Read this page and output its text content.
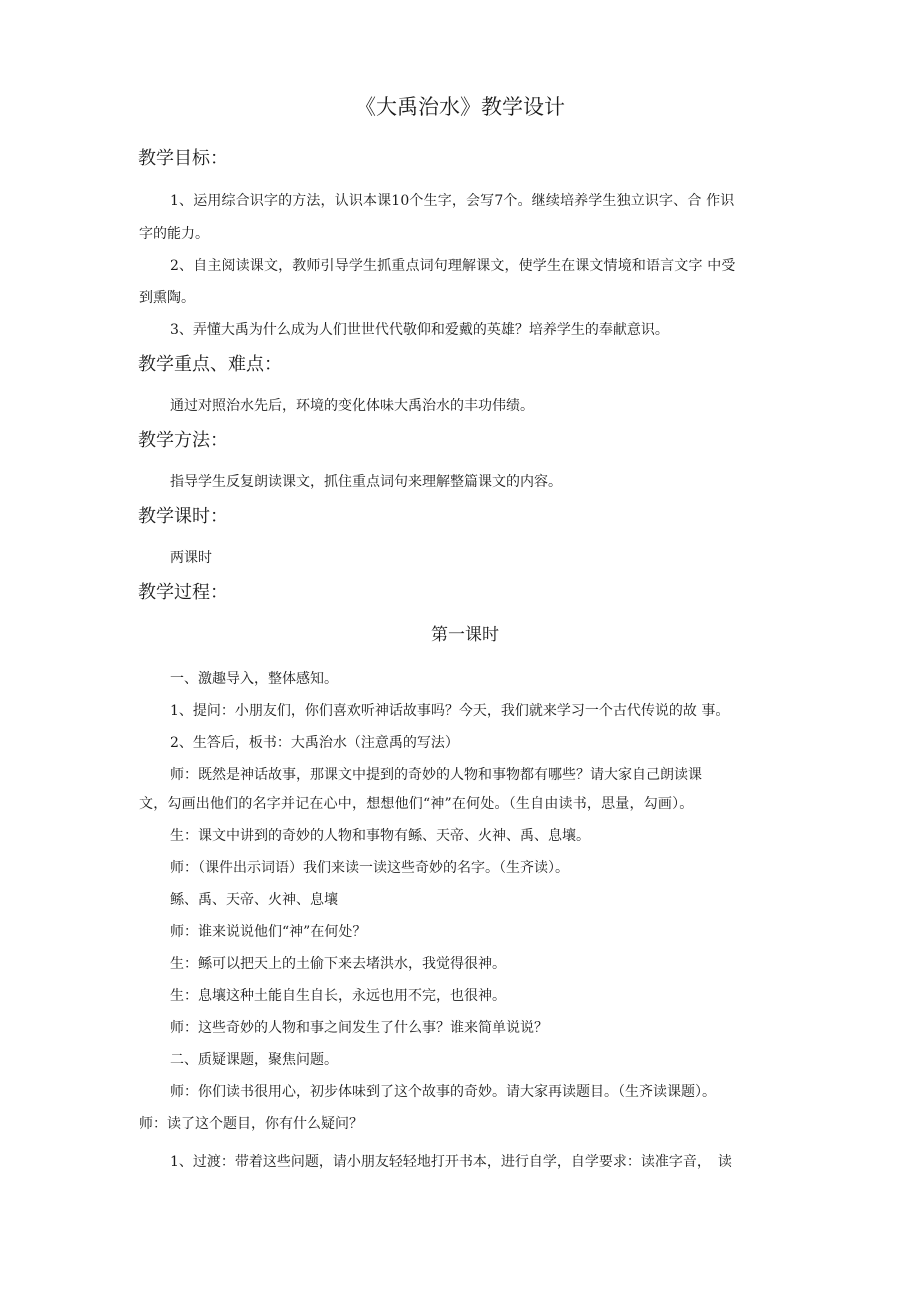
《大禹治水》教学设计
教学目标：
1、运用综合识字的方法，认识本课10个生字，会写7个。继续培养学生独立识字、合 作识
字的能力。
2、自主阅读课文，教师引导学生抓重点词句理解课文，使学生在课文情境和语言文字 中受
到熏陶。
3、弄懂大禹为什么成为人们世世代代敬仰和爱戴的英雄？培养学生的奉献意识。
教学重点、难点：
通过对照治水先后，环境的变化体味大禹治水的丰功伟绩。
教学方法：
指导学生反复朗读课文，抓住重点词句来理解整篇课文的内容。
教学课时：
两课时
教学过程：
第一课时
一、激趣导入，整体感知。
1、提问：小朋友们，你们喜欢听神话故事吗？今天，我们就来学习一个古代传说的故 事。
2、生答后，板书：大禹治水（注意禹的写法）
师：既然是神话故事，那课文中提到的奇妙的人物和事物都有哪些？请大家自己朗读课
文，勾画出他们的名字并记在心中，想想他们“神”在何处。（生自由读书，思量，勾画）。
生：课文中讲到的奇妙的人物和事物有鲧、天帝、火神、禹、息壤。
师：（课件出示词语）我们来读一读这些奇妙的名字。（生齐读）。
鲧、禹、天帝、火神、息壤
师：谁来说说他们“神”在何处？
生：鲧可以把天上的土偷下来去堵洪水，我觉得很神。
生：息壤这种土能自生自长，永远也用不完，也很神。
师：这些奇妙的人物和事之间发生了什么事？谁来简单说说？
二、质疑课题，聚焦问题。
师：你们读书很用心，初步体味到了这个故事的奇妙。请大家再读题目。（生齐读课题）。
师：读了这个题目，你有什么疑问？
1、过渡：带着这些问题，请小朋友轻轻地打开书本，进行自学，自学要求：读准字音，　读
